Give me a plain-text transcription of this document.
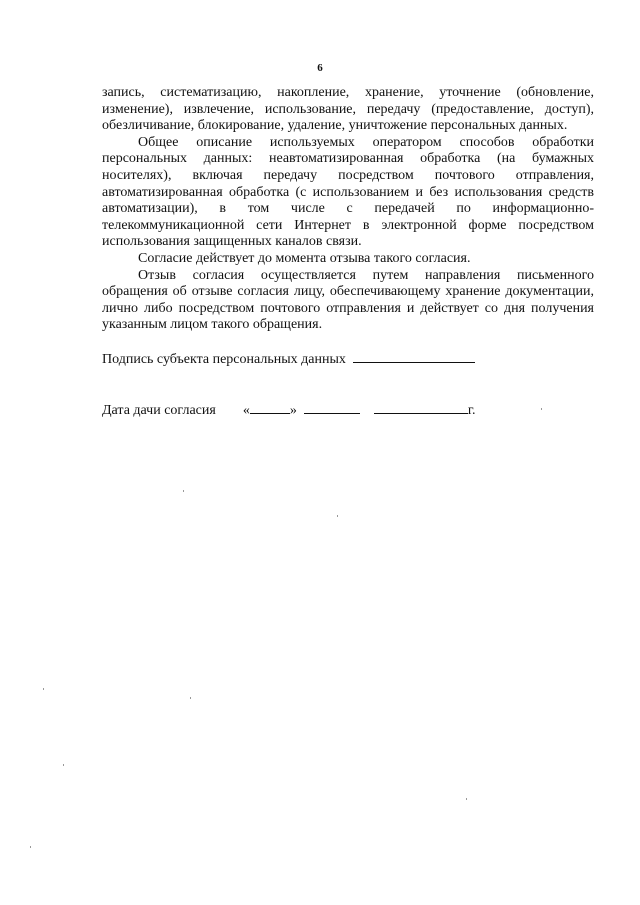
6

запись, систематизацию, накопление, хранение, уточнение (обновление, изменение), извлечение, использование, передачу (предоставление, доступ), обезличивание, блокирование, удаление, уничтожение персональных данных.

Общее описание используемых оператором способов обработки персональных данных: неавтоматизированная обработка (на бумажных носителях), включая передачу посредством почтового отправления, автоматизированная обработка (с использованием и без использования средств автоматизации), в том числе с передачей по информационно-телекоммуникационной сети Интернет в электронной форме посредством использования защищенных каналов связи.

Согласие действует до момента отзыва такого согласия.

Отзыв согласия осуществляется путем направления письменного обращения об отзыве согласия лицу, обеспечивающему хранение документации, лично либо посредством почтового отправления и действует со дня получения указанным лицом такого обращения.

Подпись субъекта персональных данных
Дата дачи согласия «	»	г.
